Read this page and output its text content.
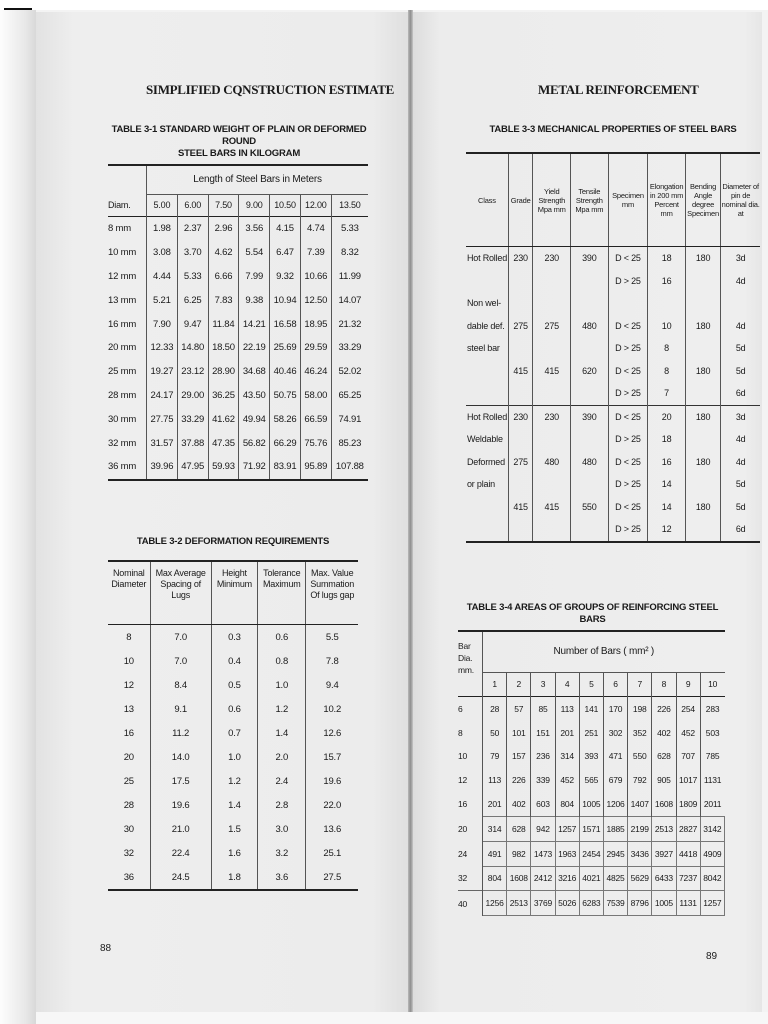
SIMPLIFIED CQNSTRUCTION ESTIMATE
TABLE 3-1 STANDARD WEIGHT OF PLAIN OR DEFORMED ROUND
STEEL BARS IN KILOGRAM
	Length of Steel Bars in Meters						
Diam.	5.00	6.00	7.50	9.00	10.50	12.00	13.50
8 mm	1.98	2.37	2.96	3.56	4.15	4.74	5.33
10 mm	3.08	3.70	4.62	5.54	6.47	7.39	8.32
12 mm	4.44	5.33	6.66	7.99	9.32	10.66	11.99
13 mm	5.21	6.25	7.83	9.38	10.94	12.50	14.07
16 mm	7.90	9.47	11.84	14.21	16.58	18.95	21.32
20 mm	12.33	14.80	18.50	22.19	25.69	29.59	33.29
25 mm	19.27	23.12	28.90	34.68	40.46	46.24	52.02
28 mm	24.17	29.00	36.25	43.50	50.75	58.00	65.25
30 mm	27.75	33.29	41.62	49.94	58.26	66.59	74.91
32 mm	31.57	37.88	47.35	56.82	66.29	75.76	85.23
36 mm	39.96	47.95	59.93	71.92	83.91	95.89	107.88
TABLE 3-2 DEFORMATION REQUIREMENTS
Nominal Diameter	Max Average Spacing of Lugs	Height Minimum	Tolerance Maximum	Max. Value Summation Of lugs gap
8	7.0	0.3	0.6	5.5
10	7.0	0.4	0.8	7.8
12	8.4	0.5	1.0	9.4
13	9.1	0.6	1.2	10.2
16	11.2	0.7	1.4	12.6
20	14.0	1.0	2.0	15.7
25	17.5	1.2	2.4	19.6
28	19.6	1.4	2.8	22.0
30	21.0	1.5	3.0	13.6
32	22.4	1.6	3.2	25.1
36	24.5	1.8	3.6	27.5
88
METAL REINFORCEMENT
TABLE 3-3 MECHANICAL PROPERTIES OF STEEL BARS
Class	Grade	Yield Strength Mpa mm	Tensile Strength Mpa mm	Specimen mm	Elongation in 200 mm Percent mm	Bending Angle degree Specimen	Diameter of pin de nominal dia. at
Hot Rolled	230	230	390	D < 25	18	180	3d
				D > 25	16		4d
Non wel-							
dable def.	275	275	480	D < 25	10	180	4d
steel bar				D > 25	8		5d
	415	415	620	D < 25	8	180	5d
				D > 25	7		6d
Hot Rolled	230	230	390	D < 25	20	180	3d
Weldable				D > 25	18		4d
Deformed	275	480	480	D < 25	16	180	4d
or plain				D > 25	14		5d
	415	415	550	D < 25	14	180	5d
				D > 25	12		6d
TABLE 3-4 AREAS OF GROUPS OF REINFORCING STEEL BARS
Bar Dia. mm.	Number of Bars ( mm² )									
	1	2	3	4	5	6	7	8	9	10
6	28	57	85	113	141	170	198	226	254	283
8	50	101	151	201	251	302	352	402	452	503
10	79	157	236	314	393	471	550	628	707	785
12	113	226	339	452	565	679	792	905	1017	1131
16	201	402	603	804	1005	1206	1407	1608	1809	2011
20	314	628	942	1257	1571	1885	2199	2513	2827	3142
24	491	982	1473	1963	2454	2945	3436	3927	4418	4909
32	804	1608	2412	3216	4021	4825	5629	6433	7237	8042
40	1256	2513	3769	5026	6283	7539	8796	1005	1131	1257
89
